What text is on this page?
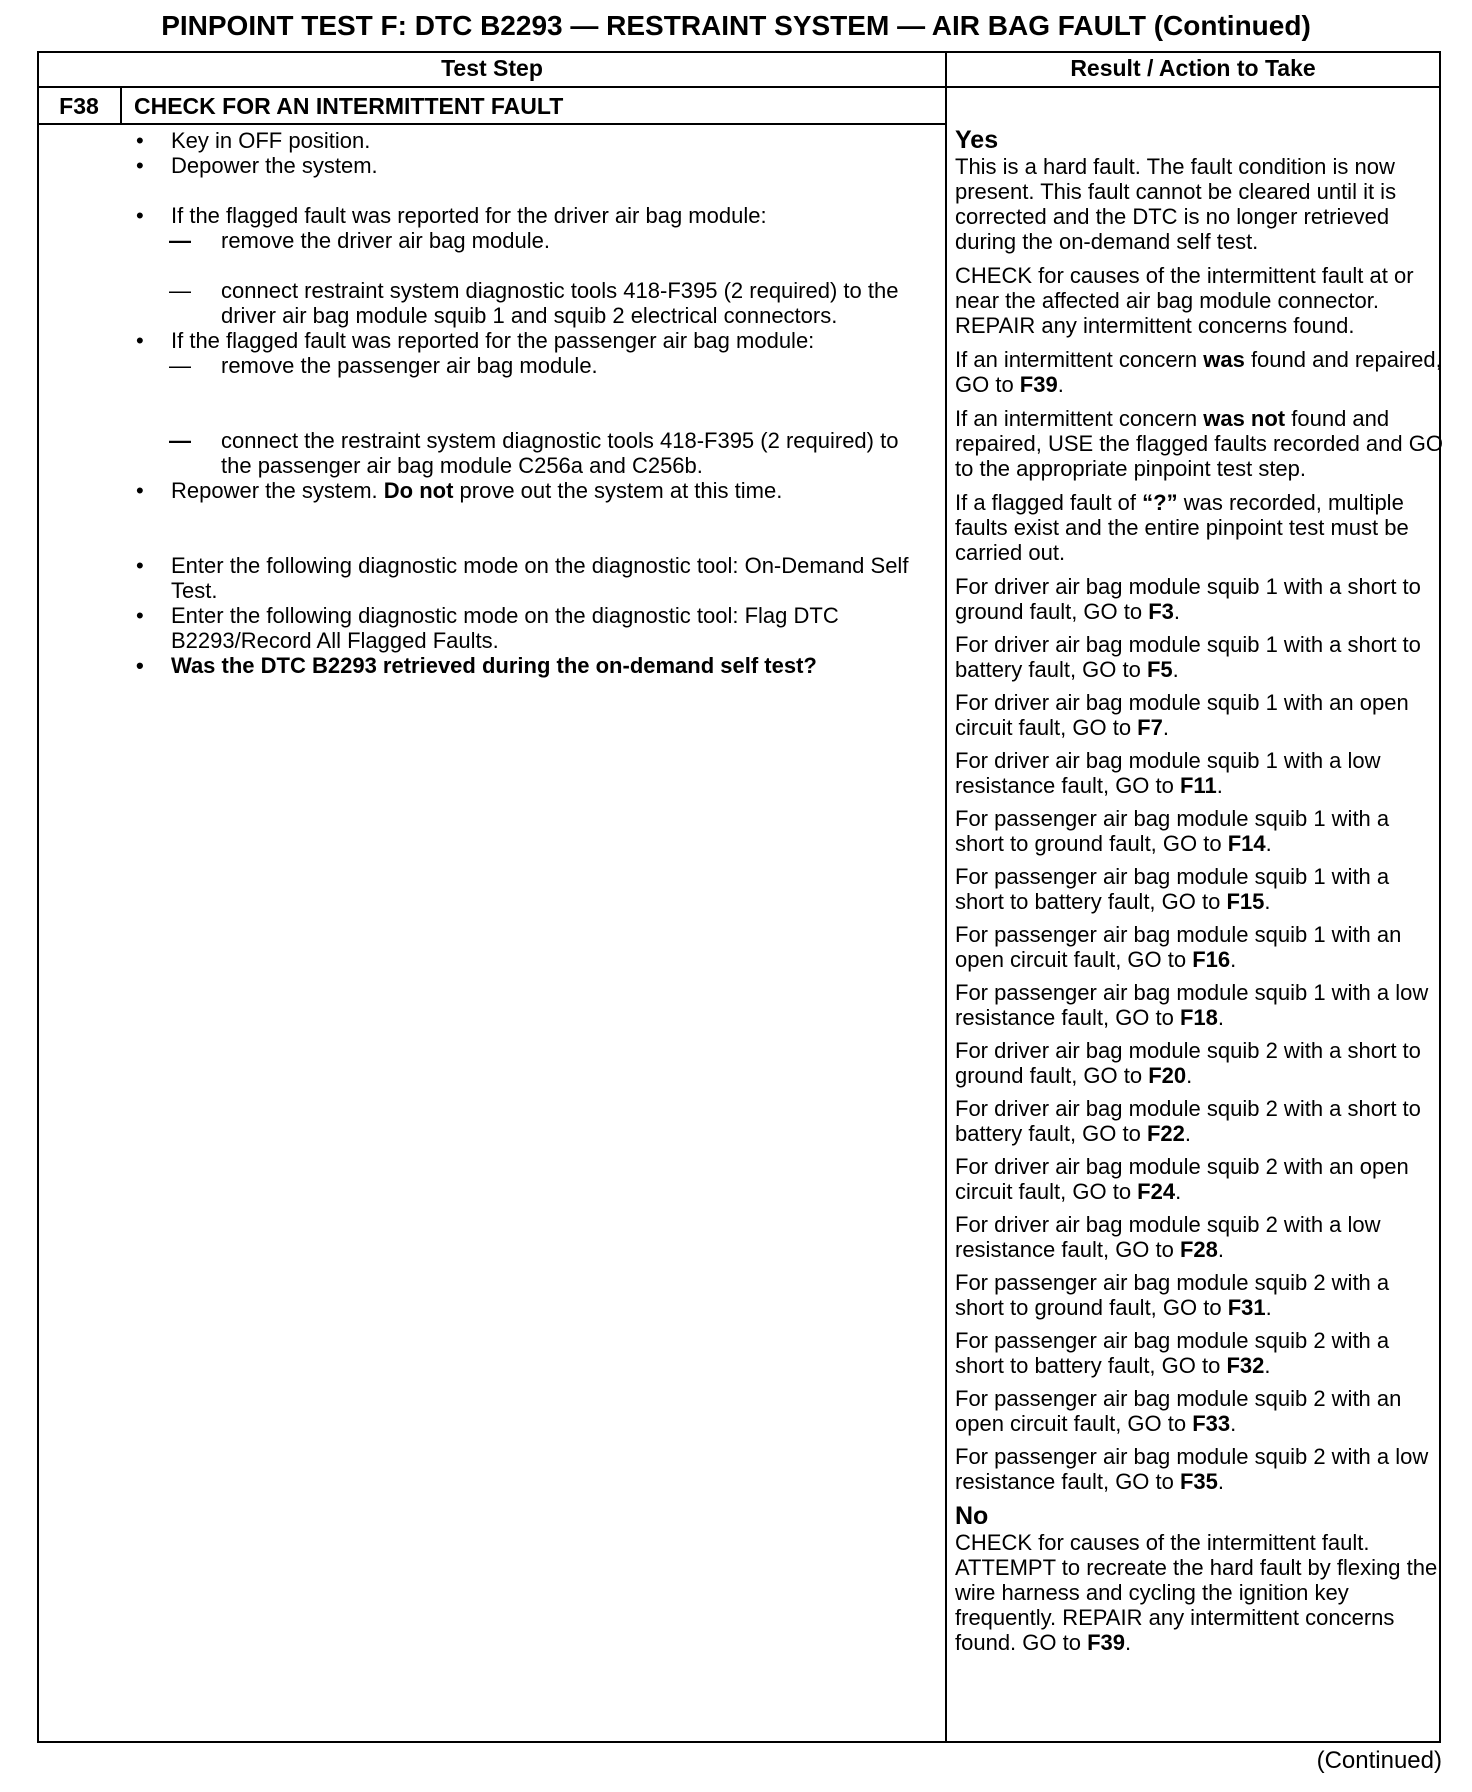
PINPOINT TEST F: DTC B2293 — RESTRAINT SYSTEM — AIR BAG FAULT (Continued)
Test Step	Result / Action to Take
F38	CHECK FOR AN INTERMITTENT FAULT
• Key in OFF position.
• Depower the system.
• If the flagged fault was reported for the driver air bag module:
— remove the driver air bag module.
— connect restraint system diagnostic tools 418-F395 (2 required) to the driver air bag module squib 1 and squib 2 electrical connectors.
• If the flagged fault was reported for the passenger air bag module:
— remove the passenger air bag module.
— connect the restraint system diagnostic tools 418-F395 (2 required) to the passenger air bag module C256a and C256b.
• Repower the system. Do not prove out the system at this time.
• Enter the following diagnostic mode on the diagnostic tool: On-Demand Self Test.
• Enter the following diagnostic mode on the diagnostic tool: Flag DTC B2293/Record All Flagged Faults.
• Was the DTC B2293 retrieved during the on-demand self test?
Yes

This is a hard fault. The fault condition is now present. This fault cannot be cleared until it is corrected and the DTC is no longer retrieved during the on-demand self test.

CHECK for causes of the intermittent fault at or near the affected air bag module connector. REPAIR any intermittent concerns found.

If an intermittent concern was found and repaired, GO to F39.

If an intermittent concern was not found and repaired, USE the flagged faults recorded and GO to the appropriate pinpoint test step.

If a flagged fault of “?” was recorded, multiple faults exist and the entire pinpoint test must be carried out.

For driver air bag module squib 1 with a short to ground fault, GO to F3.

For driver air bag module squib 1 with a short to battery fault, GO to F5.

For driver air bag module squib 1 with an open circuit fault, GO to F7.

For driver air bag module squib 1 with a low resistance fault, GO to F11.

For passenger air bag module squib 1 with a short to ground fault, GO to F14.

For passenger air bag module squib 1 with a short to battery fault, GO to F15.

For passenger air bag module squib 1 with an open circuit fault, GO to F16.

For passenger air bag module squib 1 with a low resistance fault, GO to F18.

For driver air bag module squib 2 with a short to ground fault, GO to F20.

For driver air bag module squib 2 with a short to battery fault, GO to F22.

For driver air bag module squib 2 with an open circuit fault, GO to F24.

For driver air bag module squib 2 with a low resistance fault, GO to F28.

For passenger air bag module squib 2 with a short to ground fault, GO to F31.

For passenger air bag module squib 2 with a short to battery fault, GO to F32.

For passenger air bag module squib 2 with an open circuit fault, GO to F33.

For passenger air bag module squib 2 with a low resistance fault, GO to F35.

No

CHECK for causes of the intermittent fault. ATTEMPT to recreate the hard fault by flexing the wire harness and cycling the ignition key frequently. REPAIR any intermittent concerns found. GO to F39.

(Continued)
